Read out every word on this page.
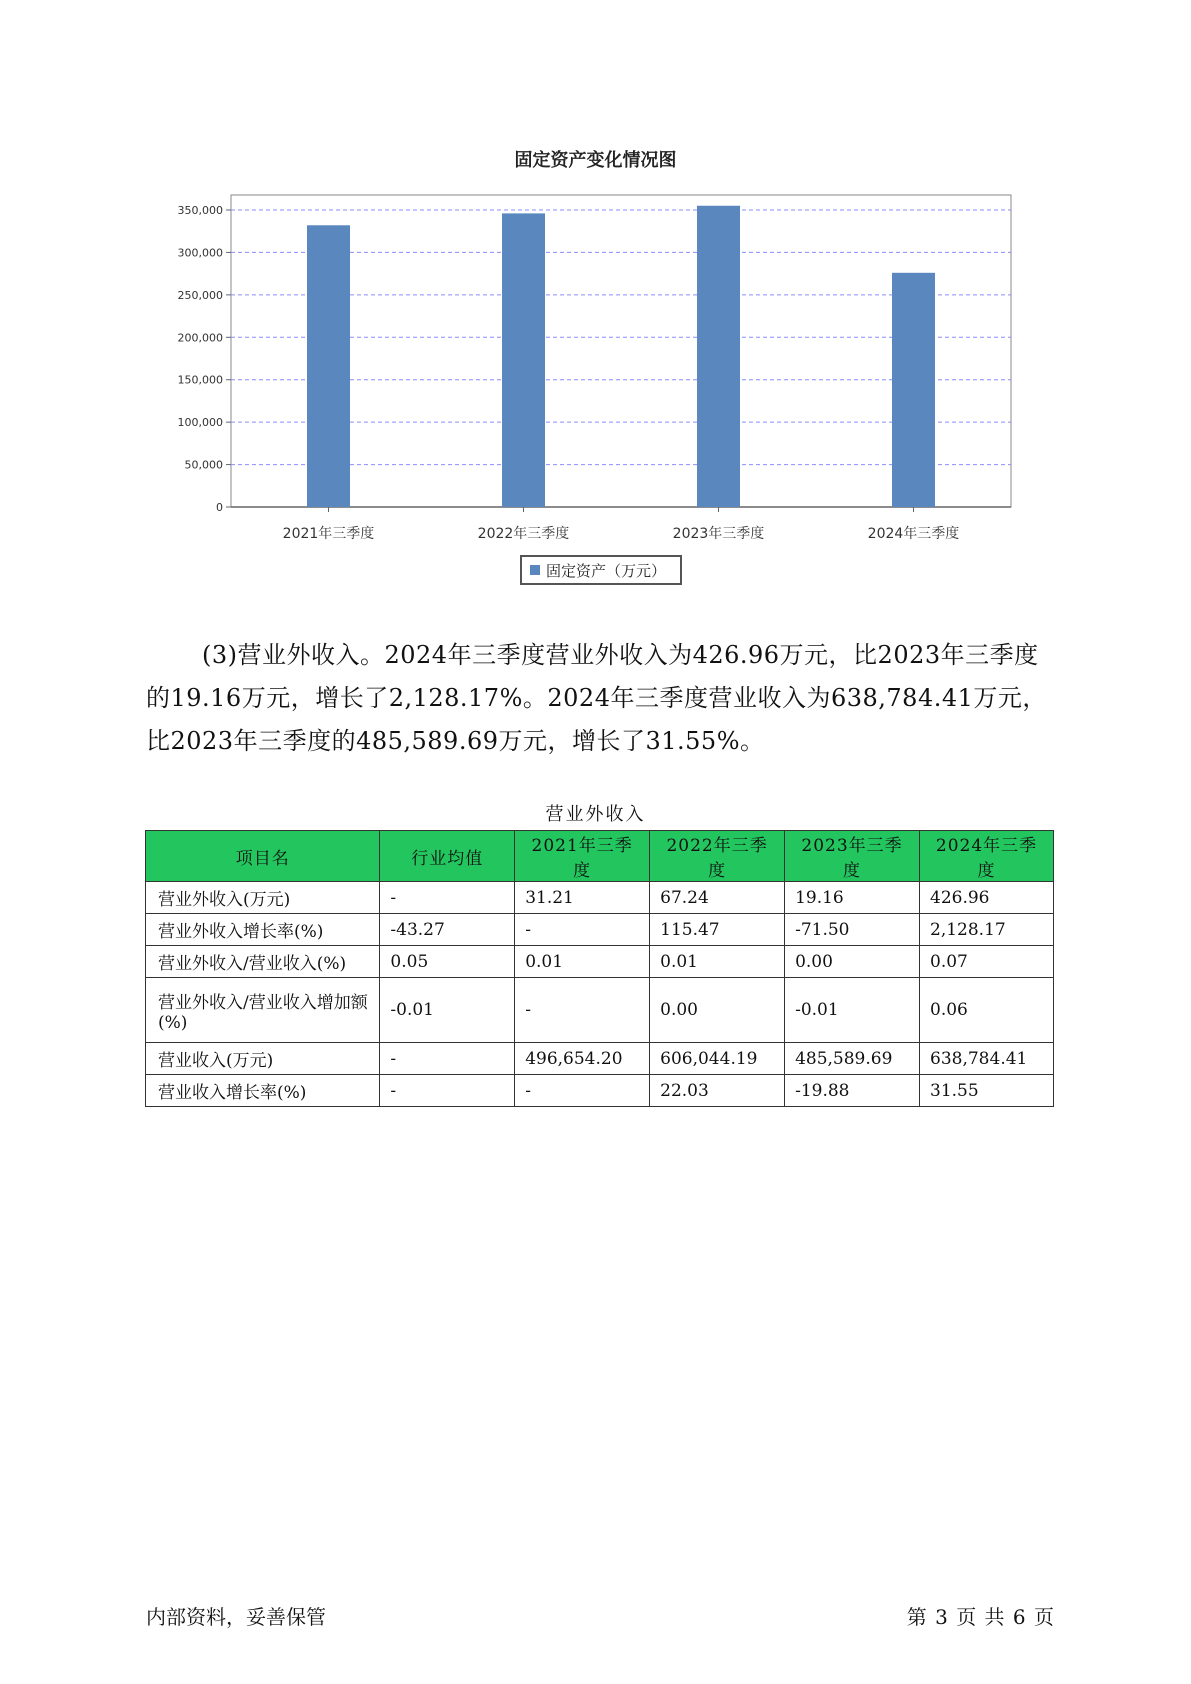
固定资产变化情况图
0
50,000
100,000
150,000
200,000
250,000
300,000
350,000
2021年三季度	2022年三季度	2023年三季度	2024年三季度
固定资产（万元）

(3)营业外收入。2024年三季度营业外收入为426.96万元，比2023年三季度的19.16万元，增长了2,128.17%。2024年三季度营业收入为638,784.41万元，比2023年三季度的485,589.69万元，增长了31.55%。

营业外收入
项目名	行业均值	2021年三季度	2022年三季度	2023年三季度	2024年三季度
营业外收入(万元)	-	31.21	67.24	19.16	426.96
营业外收入增长率(%)	-43.27	-	115.47	-71.50	2,128.17
营业外收入/营业收入(%)	0.05	0.01	0.01	0.00	0.07
营业外收入/营业收入增加额(%)	-0.01	-	0.00	-0.01	0.06
营业收入(万元)	-	496,654.20	606,044.19	485,589.69	638,784.41
营业收入增长率(%)	-	-	22.03	-19.88	31.55
内部资料，妥善保管	第 3 页 共 6 页
